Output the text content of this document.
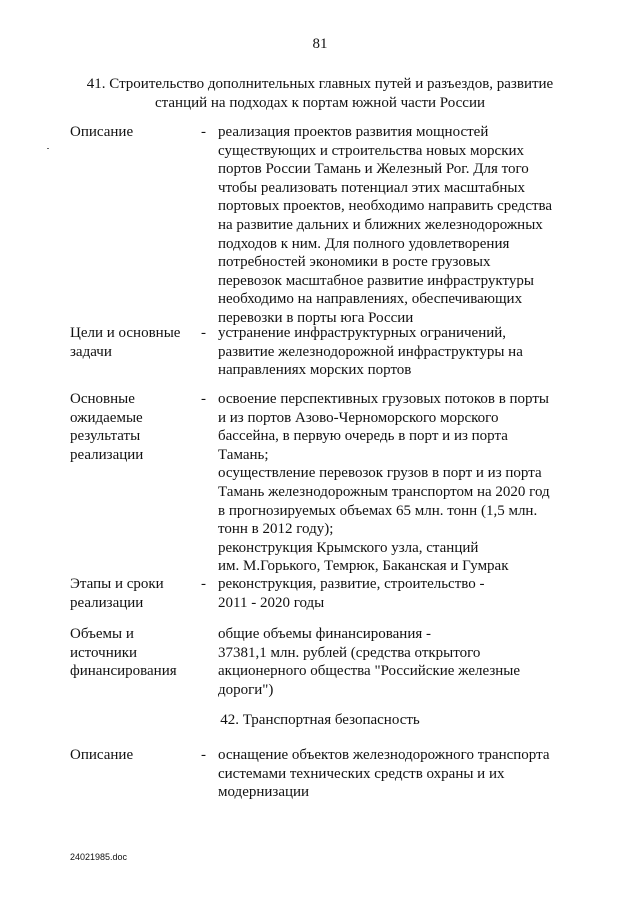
81
41. Строительство дополнительных главных путей и разъездов, развитие
станций на подходах к портам южной части России
Описание	- реализация проектов развития мощностей
существующих и строительства новых морских
портов России Тамань и Железный Рог. Для того
чтобы реализовать потенциал этих масштабных
портовых проектов, необходимо направить средства
на развитие дальних и ближних железнодорожных
подходов к ним. Для полного удовлетворения
потребностей экономики в росте грузовых
перевозок масштабное развитие инфраструктуры
необходимо на направлениях, обеспечивающих
перевозки в порты юга России
Цели и основные
задачи
- устранение инфраструктурных ограничений,
развитие железнодорожной инфраструктуры на
направлениях морских портов
Основные
ожидаемые
результаты
реализации
- освоение перспективных грузовых потоков в порты
и из портов Азово-Черноморского морского
бассейна, в первую очередь в порт и из порта
Тамань;
осуществление перевозок грузов в порт и из порта
Тамань железнодорожным транспортом на 2020 год
в прогнозируемых объемах 65 млн. тонн (1,5 млн.
тонн в 2012 году);
реконструкция Крымского узла, станций
им. М.Горького, Темрюк, Баканская и Гумрак
Этапы и сроки
реализации
- реконструкция, развитие, строительство -
2011 - 2020 годы
Объемы и
источники
финансирования
общие объемы финансирования -
37381,1 млн. рублей (средства открытого
акционерного общества "Российские железные
дороги")
42. Транспортная безопасность
Описание	- оснащение объектов железнодорожного транспорта
системами технических средств охраны и их
модернизации
24021985.doc
